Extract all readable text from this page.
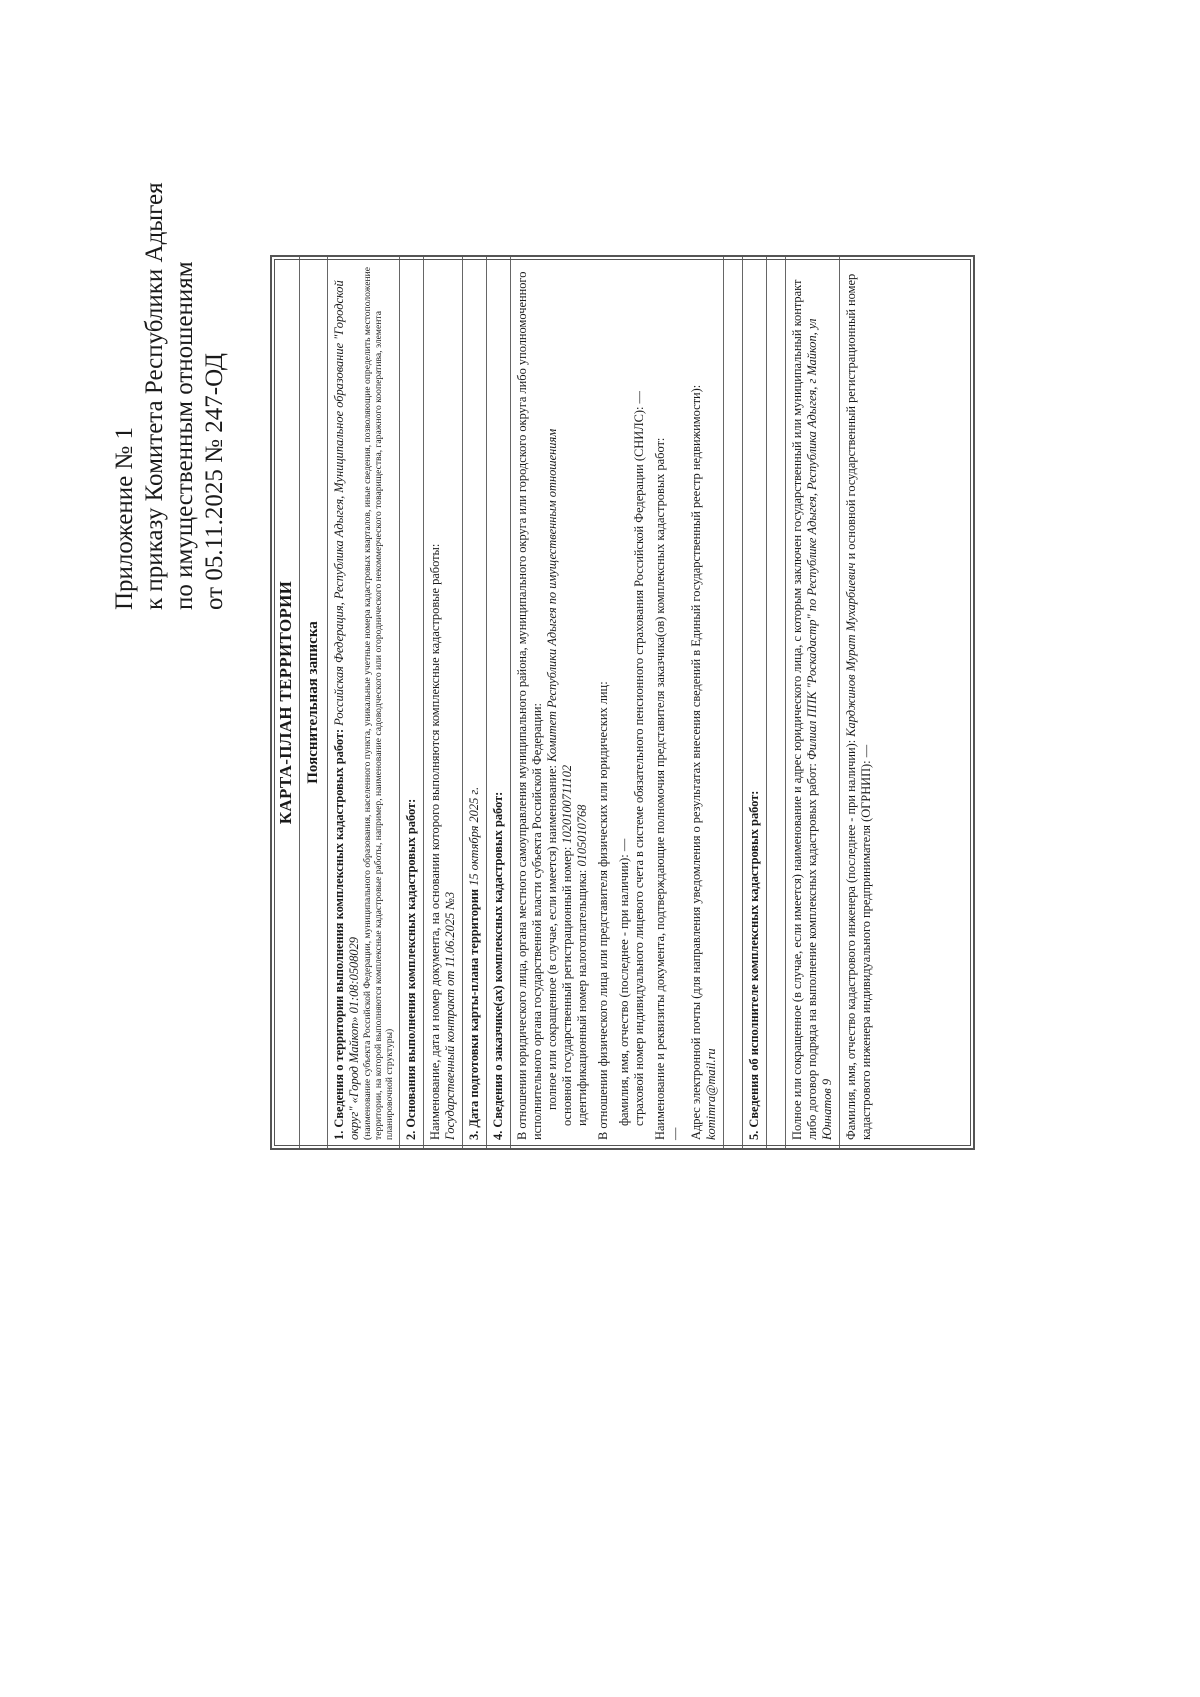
Приложение № 1 к приказу Комитета Республики Адыгея по имущественным отношениям от 05.11.2025 № 247-ОД
КАРТА-ПЛАН ТЕРРИТОРИИ Пояснительная записка

1. Сведения о территории выполнения комплексных кадастровых работ: Российская Федерация, Республика Адыгея, Муниципальное образование "Городской округ" «Город Майкоп» 01:08:0508029 (наименование субъекта Российской Федерации, муниципального образования, населенного пункта, уникальные учетные номера кадастровых кварталов, иные сведения, позволяющие определить местоположение территории, на которой выполняются комплексные кадастровые работы, например, наименование садоводческого или огороднического некоммерческого товарищества, гаражного кооператива, элемента планировочной структуры) 2. Основания выполнения комплексных кадастровых работ: Наименование, дата и номер документа, на основании которого выполняются комплексные кадастровые работы: Государственный контракт от 11.06.2025 №3 3. Дата подготовки карты-плана территории 15 октября 2025 г. 4. Сведения о заказчике(ах) комплексных кадастровых работ: В отношении юридического лица, органа местного самоуправления муниципального района, муниципального округа или городского округа либо уполномоченного исполнительного органа государственной власти субъекта Российской Федерации: полное или сокращенное (в случае, если имеется) наименование: Комитет Республики Адыгея по имущественным отношениям

основной государственный регистрационный номер: 1020100711102

идентификационный номер налогоплательщика: 0105010768 В отношении физического лица или представителя физических или юридических лиц: фамилия, имя, отчество (последнее - при наличии): — страховой номер индивидуального лицевого счета в системе обязательного пенсионного страхования Российской Федерации (СНИЛС): —

Наименование и реквизиты документа, подтверждающие полномочия представителя заказчика(ов) комплексных кадастровых работ: — Адрес электронной почты (для направления уведомления о результатах внесения сведений в Единый государственный реестр недвижимости): komimra@mail.ru 5. Сведения об исполнителе комплексных кадастровых работ: Полное или сокращенное (в случае, если имеется) наименование и адрес юридического лица, с которым заключен государственный или муниципальный контракт либо договор подряда на выполнение комплексных кадастровых работ: Филиал ППК "Роскадастр" по Республике Адыгея, Республика Адыгея, г Майкоп, ул Юннатов 9 Фамилия, имя, отчество кадастрового инженера (последнее - при наличии): Карджинов Мурат Мухарбиевич и основной государственный регистрационный номер кадастрового инженера индивидуального предпринимателя (ОГРНИП): —
